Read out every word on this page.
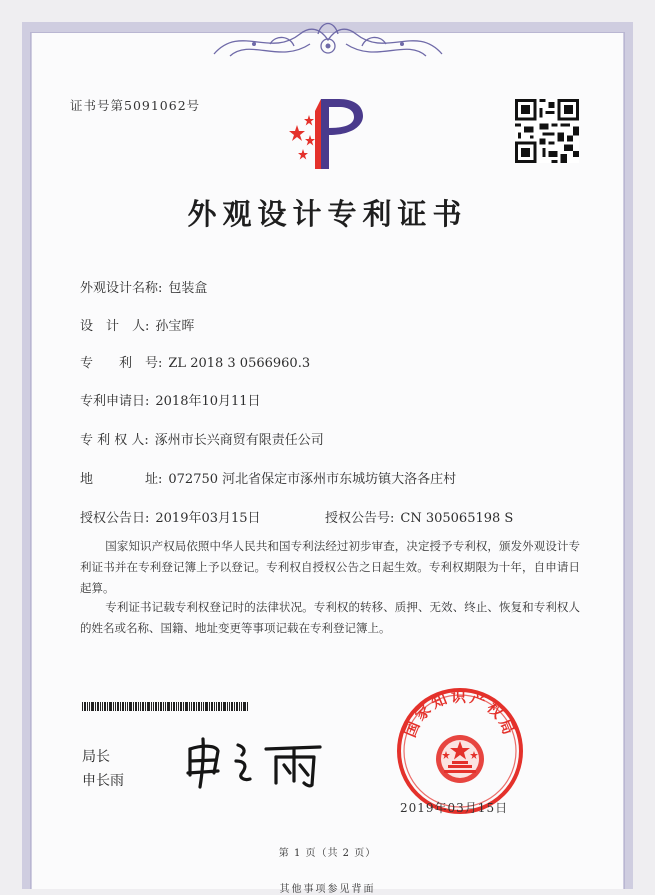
证书号第5091062号
外观设计专利证书
外观设计名称: 包装盒
设　计　人: 孙宝晖
专　　利　号: ZL 2018 3 0566960.3
专利申请日: 2018年10月11日
专 利 权 人: 涿州市长兴商贸有限责任公司
地　　　　址: 072750 河北省保定市涿州市东城坊镇大洛各庄村
授权公告日: 2019年03月15日	授权公告号: CN 305065198 S
国家知识产权局依照中华人民共和国专利法经过初步审查，决定授予专利权，颁发外观设计专利证书并在专利登记簿上予以登记。专利权自授权公告之日起生效。专利权期限为十年，自申请日起算。
专利证书记载专利权登记时的法律状况。专利权的转移、质押、无效、终止、恢复和专利权人的姓名或名称、国籍、地址变更等事项记载在专利登记簿上。
局长
申长雨
国家知识产权局
2019年03月15日
第 1 页（共 2 页）
其他事项参见背面
